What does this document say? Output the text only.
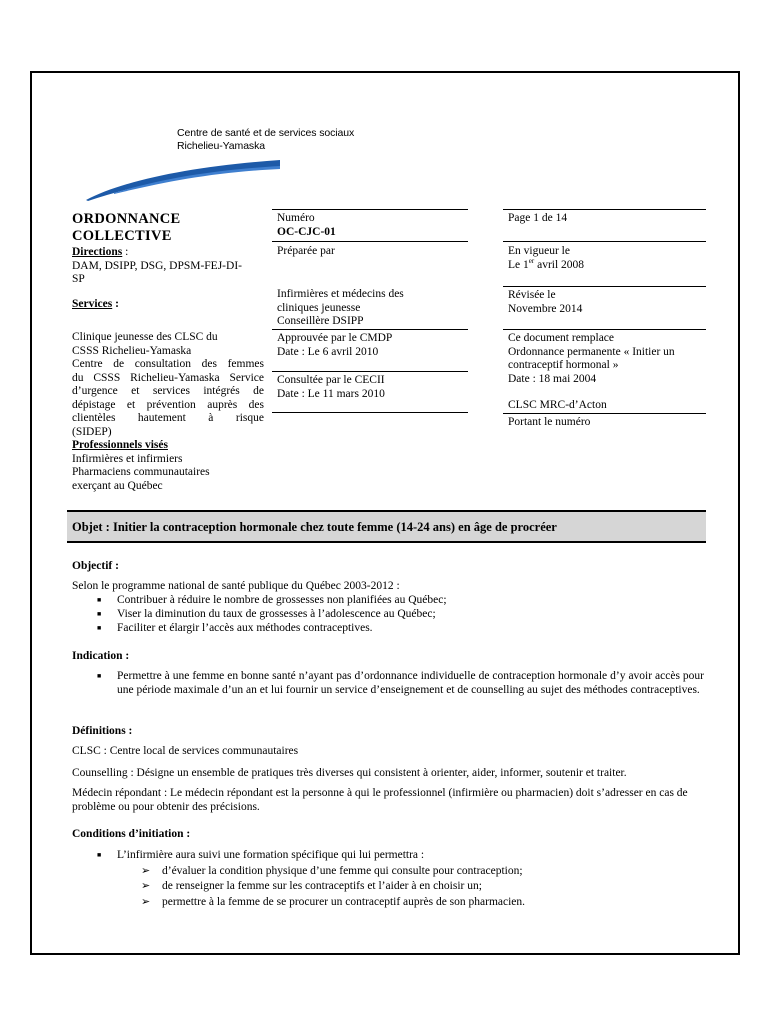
Centre de santé et de services sociaux
Richelieu-Yamaska
ORDONNANCE
COLLECTIVE
Directions :
DAM, DSIPP, DSG, DPSM-FEJ-DI-
SP
Services :
Clinique jeunesse des CLSC du
CSSS Richelieu-Yamaska
Centre de consultation des femmes
du CSSS Richelieu-Yamaska Service
d’urgence et services intégrés de
dépistage et prévention auprès des
clientèles hautement à risque
(SIDEP)
Professionnels visés
Infirmières et infirmiers
Pharmaciens communautaires
exerçant au Québec
Numéro
OC-CJC-01
Préparée par
Infirmières et médecins des
cliniques jeunesse
Conseillère DSIPP
Approuvée par le CMDP
Date : Le 6 avril 2010
Consultée par le CECII
Date : Le 11 mars 2010
Page 1 de 14
En vigueur le
Le 1er avril 2008
Révisée le
Novembre 2014
Ce document remplace
Ordonnance permanente « Initier un
contraceptif hormonal »
Date : 18 mai 2004
CLSC MRC-d’Acton
Portant le numéro
Objet : Initier la contraception hormonale chez toute femme (14-24 ans) en âge de procréer
Objectif :
Selon le programme national de santé publique du Québec 2003-2012 :
■ Contribuer à réduire le nombre de grossesses non planifiées au Québec;
■ Viser la diminution du taux de grossesses à l’adolescence au Québec;
■ Faciliter et élargir l’accès aux méthodes contraceptives.
Indication :
■ Permettre à une femme en bonne santé n’ayant pas d’ordonnance individuelle de contraception hormonale d’y avoir accès pour une période maximale d’un an et lui fournir un service d’enseignement et de counselling au sujet des méthodes contraceptives.
Définitions :
CLSC : Centre local de services communautaires
Counselling : Désigne un ensemble de pratiques très diverses qui consistent à orienter, aider, informer, soutenir et traiter.
Médecin répondant : Le médecin répondant est la personne à qui le professionnel (infirmière ou pharmacien) doit s’adresser en cas de problème ou pour obtenir des précisions.
Conditions d’initiation :
■ L’infirmière aura suivi une formation spécifique qui lui permettra :
➢ d’évaluer la condition physique d’une femme qui consulte pour contraception;
➢ de renseigner la femme sur les contraceptifs et l’aider à en choisir un;
➢ permettre à la femme de se procurer un contraceptif auprès de son pharmacien.
